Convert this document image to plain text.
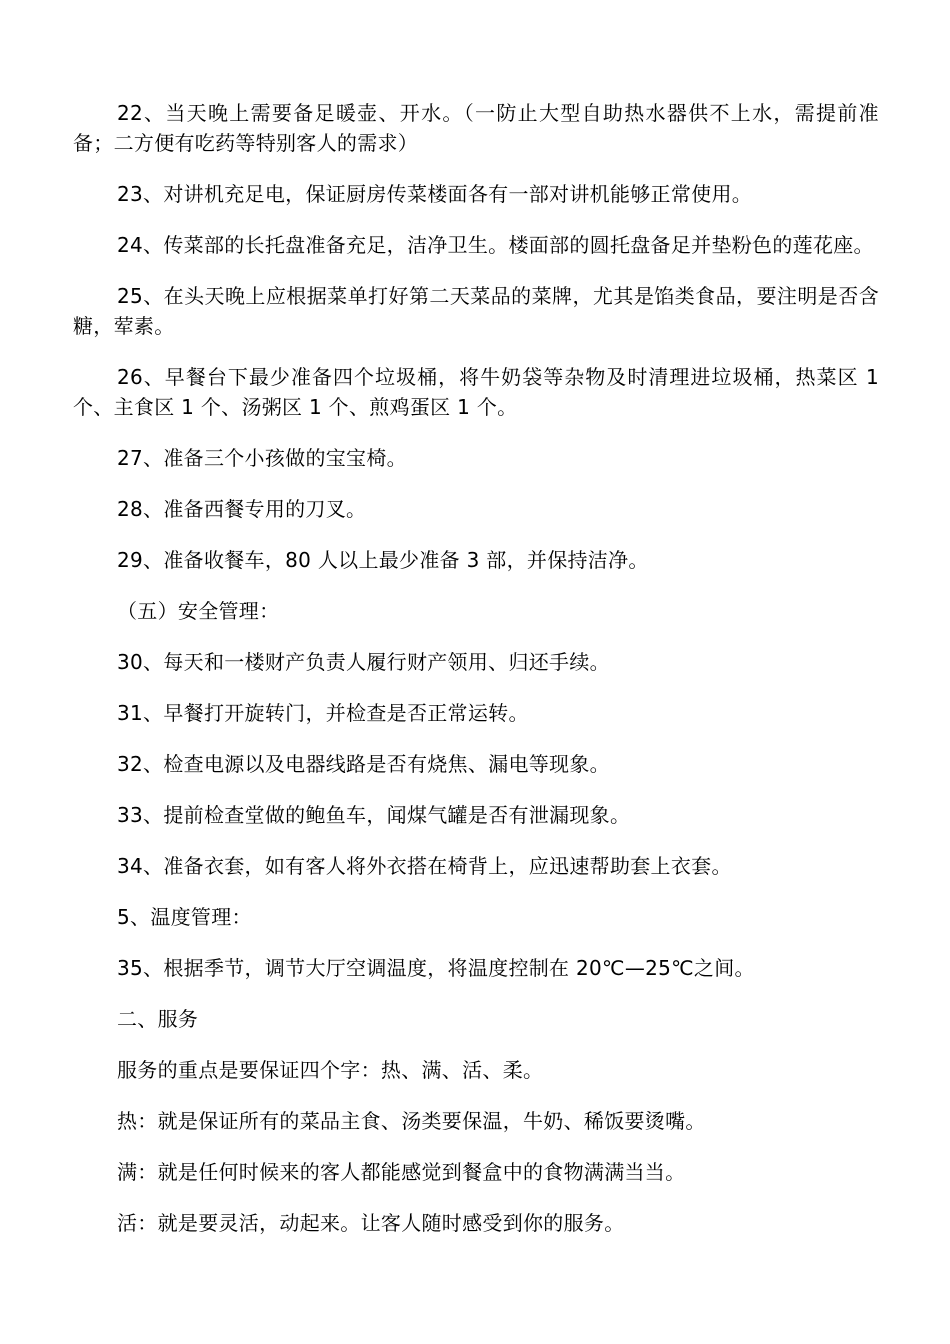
22、当天晚上需要备足暖壶、开水。（一防止大型自助热水器供不上水，需提前准备；二方便有吃药等特别客人的需求）

23、对讲机充足电，保证厨房传菜楼面各有一部对讲机能够正常使用。

24、传菜部的长托盘准备充足，洁净卫生。楼面部的圆托盘备足并垫粉色的莲花座。

25、在头天晚上应根据菜单打好第二天菜品的菜牌，尤其是馅类食品，要注明是否含糖，荤素。

26、早餐台下最少准备四个垃圾桶，将牛奶袋等杂物及时清理进垃圾桶，热菜区 1 个、主食区 1 个、汤粥区 1 个、煎鸡蛋区 1 个。

27、准备三个小孩做的宝宝椅。

28、准备西餐专用的刀叉。

29、准备收餐车，80 人以上最少准备 3 部，并保持洁净。

（五）安全管理：

30、每天和一楼财产负责人履行财产领用、归还手续。

31、早餐打开旋转门，并检查是否正常运转。

32、检查电源以及电器线路是否有烧焦、漏电等现象。

33、提前检查堂做的鲍鱼车，闻煤气罐是否有泄漏现象。

34、准备衣套，如有客人将外衣搭在椅背上，应迅速帮助套上衣套。

5、温度管理：

35、根据季节，调节大厅空调温度，将温度控制在 20℃—25℃之间。

二、服务

服务的重点是要保证四个字：热、满、活、柔。

热：就是保证所有的菜品主食、汤类要保温，牛奶、稀饭要烫嘴。

满：就是任何时候来的客人都能感觉到餐盒中的食物满满当当。

活：就是要灵活，动起来。让客人随时感受到你的服务。
